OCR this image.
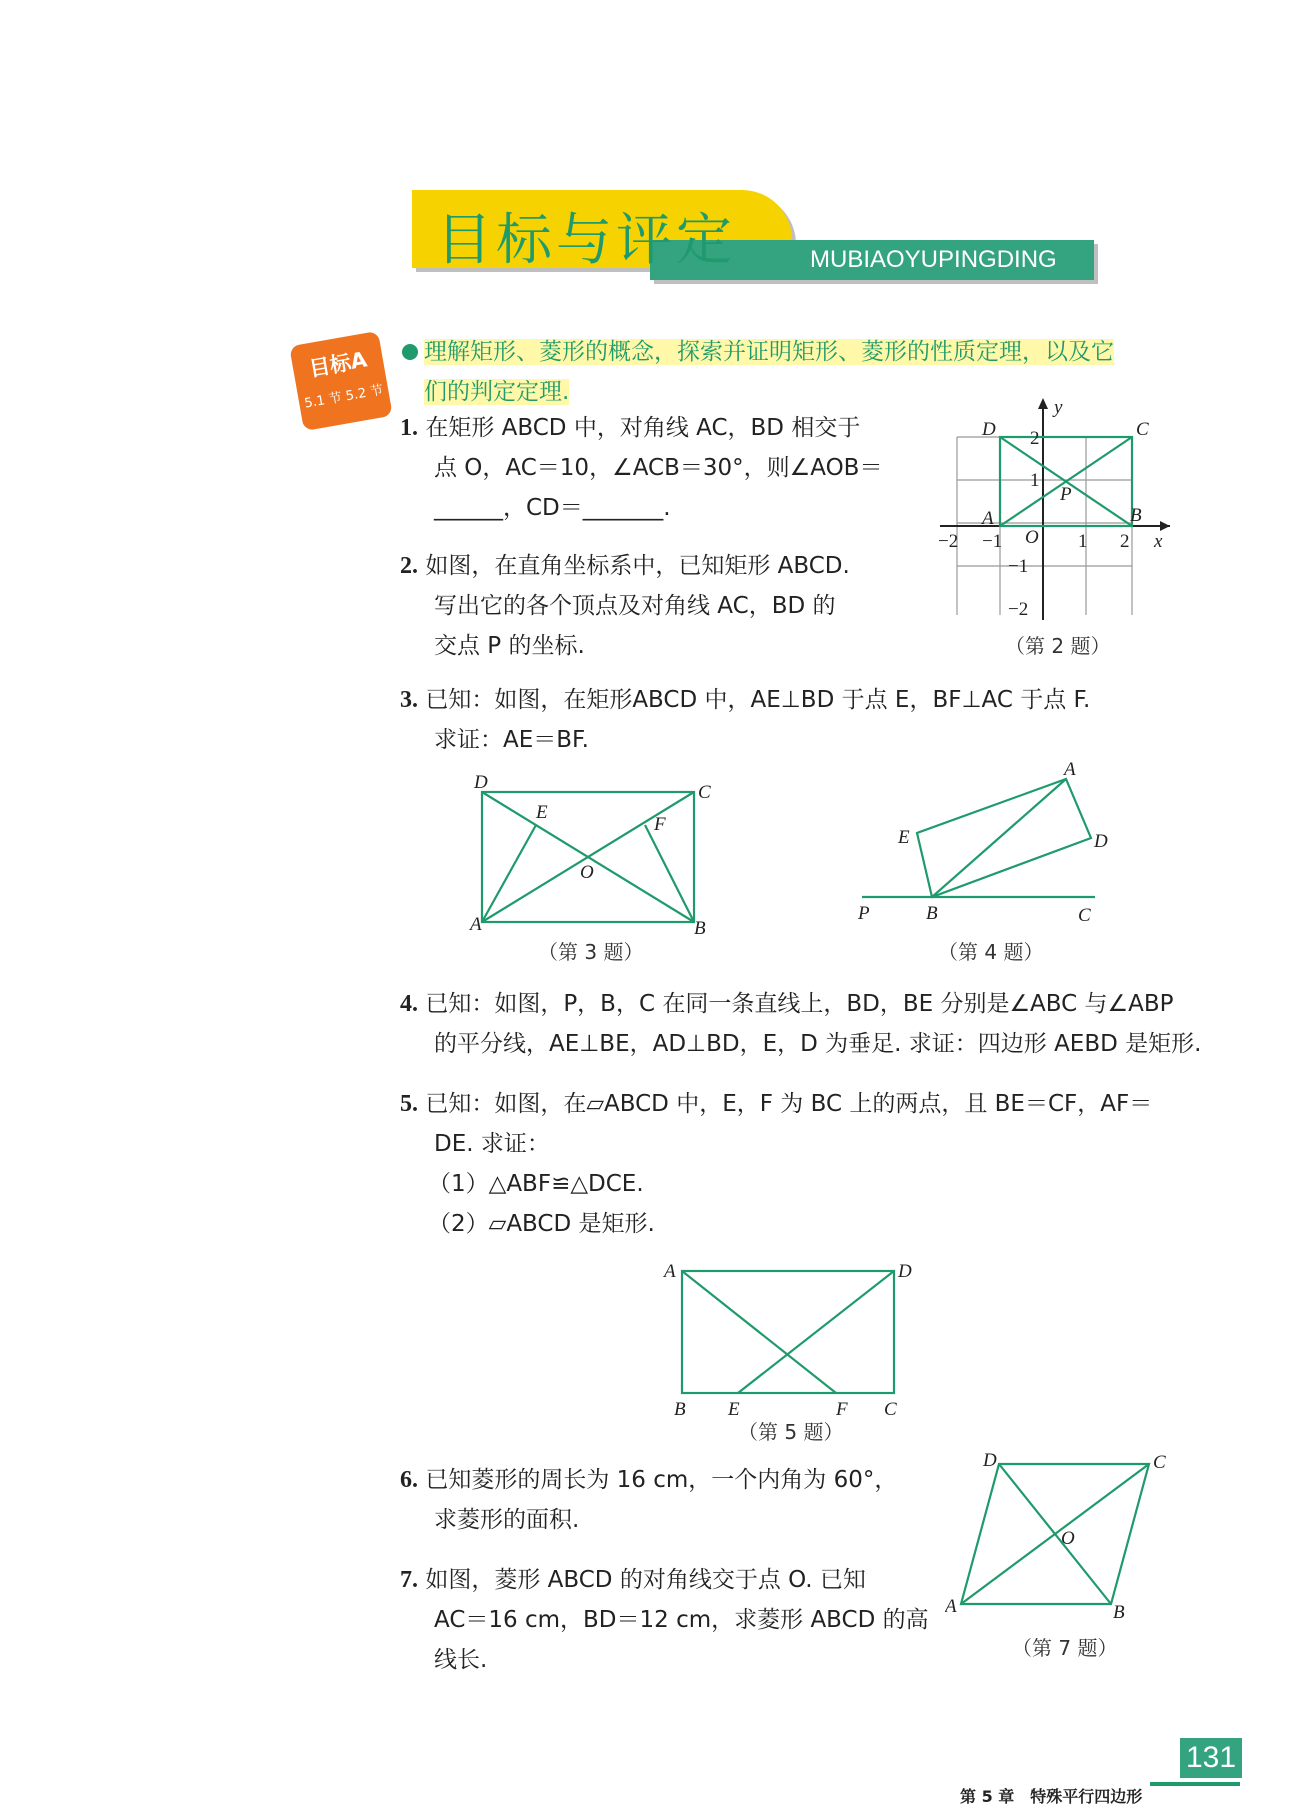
目标与评定	MUBIAOYUPINGDING
目标A
5.1 节 5.2 节
理解矩形、菱形的概念，探索并证明矩形、菱形的性质定理，以及它
们的判定定理.
1. 在矩形 ABCD 中，对角线 AC，BD 相交于
点 O，AC＝10，∠ACB＝30°，则∠AOB＝
______，CD＝_______.
2. 如图，在直角坐标系中，已知矩形 ABCD.
写出它的各个顶点及对角线 AC，BD 的
交点 P 的坐标.
y
x
O
−2 −1	1 2
2
1
−1
−2
D	C
A	B
P
（第 2 题）
3. 已知：如图，在矩形ABCD 中，AE⊥BD 于点 E，BF⊥AC 于点 F.
求证：AE＝BF.
D	C
E
F
O
A	B
（第 3 题）
A
E	D
P	B	C
（第 4 题）
4. 已知：如图，P，B，C 在同一条直线上，BD，BE 分别是∠ABC 与∠ABP
的平分线，AE⊥BE，AD⊥BD，E，D 为垂足. 求证：四边形 AEBD 是矩形.
5. 已知：如图，在▱ABCD 中，E，F 为 BC 上的两点，且 BE＝CF，AF＝
DE. 求证：
（1）△ABF≌△DCE.
（2）▱ABCD 是矩形.
A	D
B E	F C
（第 5 题）
6. 已知菱形的周长为 16 cm，一个内角为 60°，
求菱形的面积.
7. 如图，菱形 ABCD 的对角线交于点 O. 已知
AC＝16 cm，BD＝12 cm，求菱形 ABCD 的高
线长.
D	C
O
A	B
（第 7 题）
第 5 章　特殊平行四边形
131
